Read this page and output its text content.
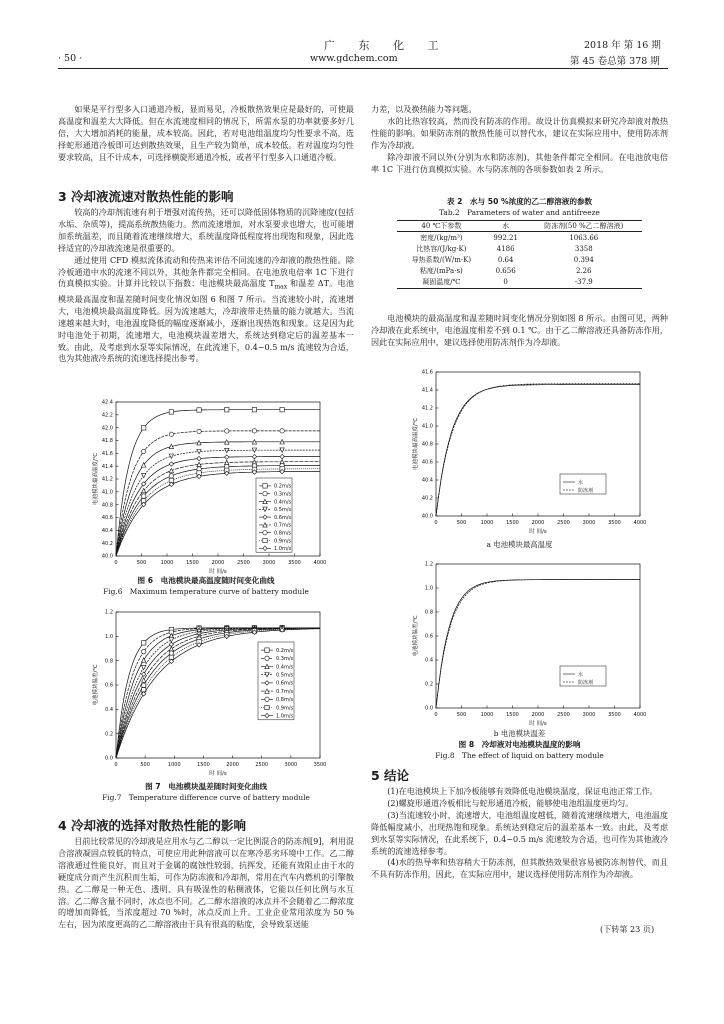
广 东 化 工	2018 年 第 16 期
· 50 ·	www.gdchem.com	第 45 卷总第 378 期

如果是平行型多入口通道冷板，显而易见，冷板散热效果应是最好的，可使最高温度和温差大大降低。但在水流速度相同的情况下，所需水泵的功率就要多好几倍，大大增加消耗的能量，成本较高。因此，若对电池组温度均匀性要求不高，选择蛇形通道冷板即可达到散热效果，且生产较为简单，成本较低。若对温度均匀性要求较高，且不计成本，可选择横旋形通道冷板，或者平行型多入口通道冷板。

3 冷却液流速对散热性能的影响

较高的冷却剂流速有利于增强对流传热，还可以降低固体物质的沉降速度(包括水垢、杂质等)，提高系统散热能力。然而流速增加，对水泵要求也增大，也可能增加系统温差，而且随着流速继续增大，系统温度降低程度将出现饱和现象，因此选择适宜的冷却液流速是很重要的。

通过使用 CFD 模拟流体流动和传热来评估不同流速的冷却液的散热性能。除冷板通道中水的流速不同以外，其他条件都完全相同。在电池放电倍率 1C 下进行仿真模拟实验。计算并比较以下指数：电池模块最高温度 $T_{max}$ 和温差 ΔT。电池模块最高温度和温差随时间变化情况如图 6 和图 7 所示。当流速较小时，流速增大，电池模块最高温度降低。因为流速越大，冷却液带走热量的能力就越大。当流速越来越大时，电池温度降低的幅度逐渐减小，逐渐出现热饱和现象。这是因为此时电池处于初期，流速增大，电池模块温差增大，系统达到稳定后的温差基本一致。由此，及考虑到水泵等实际情况，在此流速下，0.4~0.5 m/s 流速较为合适，也为其他液冷系统的流速选择提出参考。

0	500	1000	1500	2000	2500	3000	3500	4000
40.0
40.2
40.4
40.6
40.8
41.0
41.2
41.4
41.6
41.8
42.0
42.2
42.4
时 间/s
电池模块最高温度/℃	0.2m/s
0.3m/s
0.4m/s
0.5m/s
0.6m/s
0.7m/s
0.8m/s
0.9m/s
1.0m/s
图 6　电池模块最高温度随时间变化曲线
Fig.6　Maximum temperature curve of battery module
0	500	1000	1500	2000	2500	3000	3500
0.0
0.2
0.4
0.6
0.8
1.0
1.2
时 间/s
电池模块温差/℃
0.2m/s
0.3m/s
0.4m/s
0.5m/s
0.6m/s
0.7m/s
0.8m/s
0.9m/s
1.0m/s
图 7　电池模块温差随时间变化曲线
Fig.7　Temperature difference curve of battery module
4 冷却液的选择对散热性能的影响

目前比较常见的冷却液是应用水与乙二醇以一定比例混合的防冻剂[9]，利用混合溶液凝固点较低的特点，可使应用此种溶液可以在寒冷恶劣环境中工作。乙二醇溶液通过性能良好，而且对于金属的腐蚀性较弱，抗挥发，还能有效阻止由于水的硬度成分而产生沉积而生垢，可作为防冻液和冷却剂，常用在汽车内燃机的引擎散热。乙二醇是一种无色、透明、具有吸湿性的粘稠液体，它能以任何比例与水互溶。乙二醇含量不同时，冰点也不同。乙二醇水溶液的冰点并不会随着乙二醇浓度的增加而降低，当浓度超过 70 %时，冰点反而上升。工业企业常用浓度为 50 %左右，因为浓度更高的乙二醇溶液由于具有很高的粘度，会导致泵送能

力差，以及换热能力等问题。

水的比热容较高，然而没有防冻的作用。故设计仿真模拟来研究冷却液对散热性能的影响。如果防冻剂的散热性能可以替代水，建议在实际应用中，使用防冻剂作为冷却液。

除冷却液不同以外(分别为水和防冻剂)，其他条件都完全相同。在电池放电倍率 1C 下进行仿真模拟实验。水与防冻剂的各项参数如表 2 所示。

表 2　水与 50 %浓度的乙二醇溶液的参数
Tab.2　Parameters of water and antifreeze
40 ℃下参数	水	防冻剂(50 %乙二醇溶液)
密度/(kg/m³)	992.21	1063.66
比热容/(J/kg·K)	4186	3358
导热系数/(W/m·K)	0.64	0.394
粘度/(mPa·s)	0.656	2.26
凝固温度/℃	0	-37.9

电池模块的最高温度和温差随时间变化情况分别如图 8 所示。由图可见，两种冷却液在此系统中，电池温度相差不到 0.1 ℃。由于乙二醇溶液还具备防冻作用，因此在实际应用中，建议选择使用防冻剂作为冷却液。

0	500	1000	1500	2000	2500	3000	3500	4000
40.0
40.2
40.4
40.6
40.8
41.0
41.2
41.4
41.6
时 间/s
电池模块最高温度/℃
水
防冻剂
a 电池模块最高温度
0	500	1000	1500	2000	2500	3000	3500	4000
0.0
0.2
0.4
0.6
0.8
1.0
1.2
时 间/s
电池模块温差/℃
水
防冻剂
b 电池模块温差
图 8　冷却液对电池模块温度的影响
Fig.8　The effect of liquid on battery module
5 结论

(1)在电池模块上下加冷板能够有效降低电池模块温度，保证电池正常工作。

(2)螺旋形通道冷板相比与蛇形通道冷板，能够使电池组温度更均匀。

(3)当流速较小时，流速增大，电池组温度越低，随着流速继续增大，电池温度降低幅度减小，出现热饱和现象。系统达到稳定后的温差基本一致。由此，及考虑到水泵等实际情况，在此系统下，0.4~0.5 m/s 流速较为合适，也可作为其他液冷系统的流速选择参考。

(4)水的热导率和热容稍大于防冻剂，但其散热效果很容易被防冻剂替代，而且不具有防冻作用，因此，在实际应用中，建议选择使用防冻剂作为冷却液。

(下转第 23 页)
